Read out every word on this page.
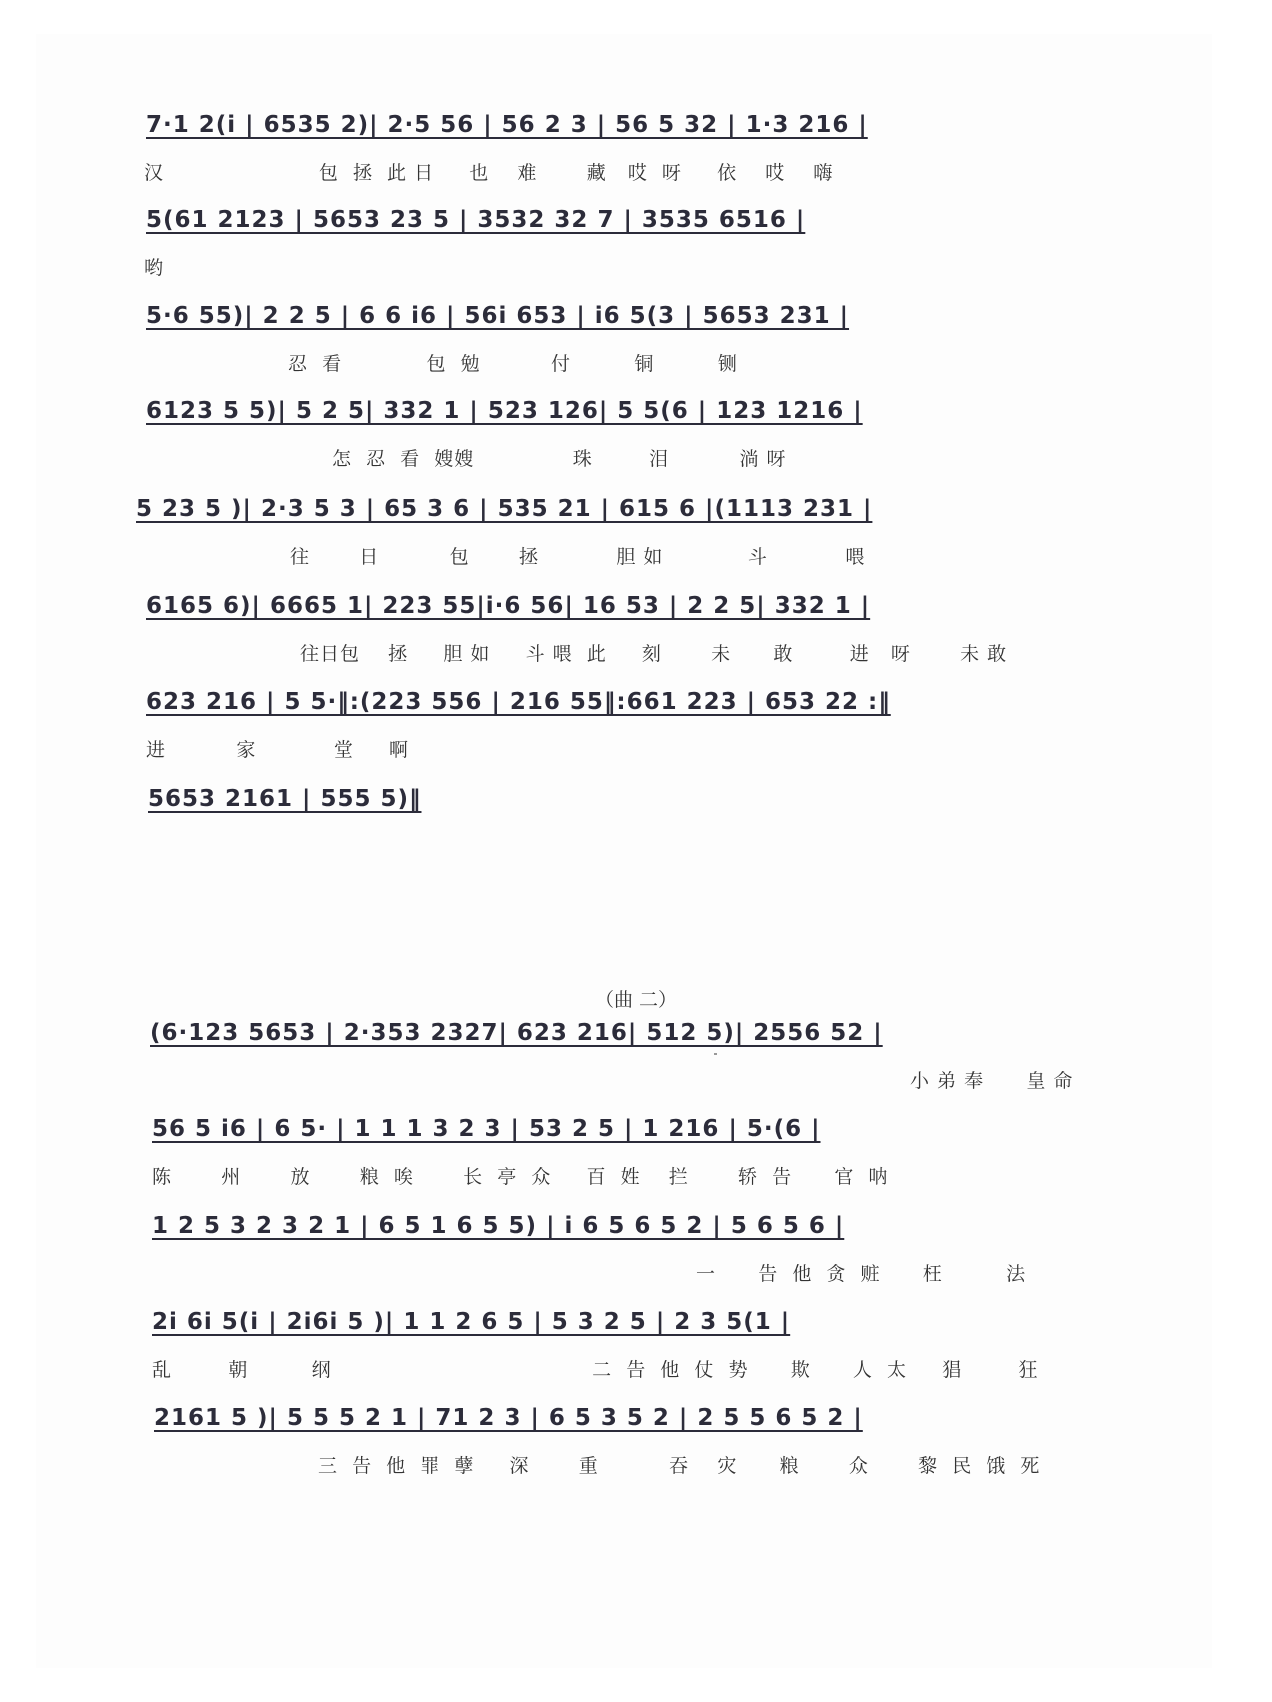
7·1 2(i | 6535 2)| 2·5 56 | 56 2 3 | 56 5 32 | 1·3 216 |
汉                      包  拯  此 日     也    难       藏   哎  呀     依    哎    嗨
5(61 2123 | 5653 23 5 | 3532 32 7 | 3535 6516 |
哟
5·6 55)| 2 2 5 | 6 6 i6 | 56i 653 | i6 5(3 | 5653 231 |
忍  看            包  勉          付         铜         铡
6123 5 5)| 5 2 5| 332 1 | 523 126| 5 5(6 | 123 1216 |
怎  忍  看  嫂嫂              珠        泪          淌 呀
5 23 5 )| 2·3 5 3 | 65 3 6 | 535 21 | 615 6 |(1113 231 |
往       日          包       拯           胆 如            斗           喂
6165 6)| 6665 1| 223 55|i·6 56| 16 53 | 2 2 5| 332 1 |
往日包    拯     胆 如     斗 喂  此     刻       未      敢        进   呀       未 敢
623 216 | 5 5·‖:(223 556 | 216 55‖:661 223 | 653 22 :‖
进          家           堂     啊
5653 2161 | 555 5)‖
（曲 二）
(6·123 5653 | 2·353 2327| 623 216| 512 5)| 2556 52 |
小 弟 奉      皇 命
56 5 i6 | 6 5· | 1 1 1 3 2 3 | 53 2 5 | 1 216 | 5·(6 |
陈       州       放       粮  唉       长  亭  众     百  姓    拦       轿  告      官  呐
1 2 5 3 2 3 2 1 | 6 5 1 6 5 5) | i 6 5 6 5 2 | 5 6 5 6 |
一      告  他  贪  赃      枉         法
2i 6i 5(i | 2i6i 5 )| 1 1 2 6 5 | 5 3 2 5 | 2 3 5(1 |
乱        朝         纲                                     二  告  他  仗  势      欺      人  太     猖        狂
2161 5 )| 5 5 5 2 1 | 71 2 3 | 6 5 3 5 2 | 2 5 5 6 5 2 |
三  告  他  罪  孽     深       重          吞    灾      粮       众       黎  民  饿  死
